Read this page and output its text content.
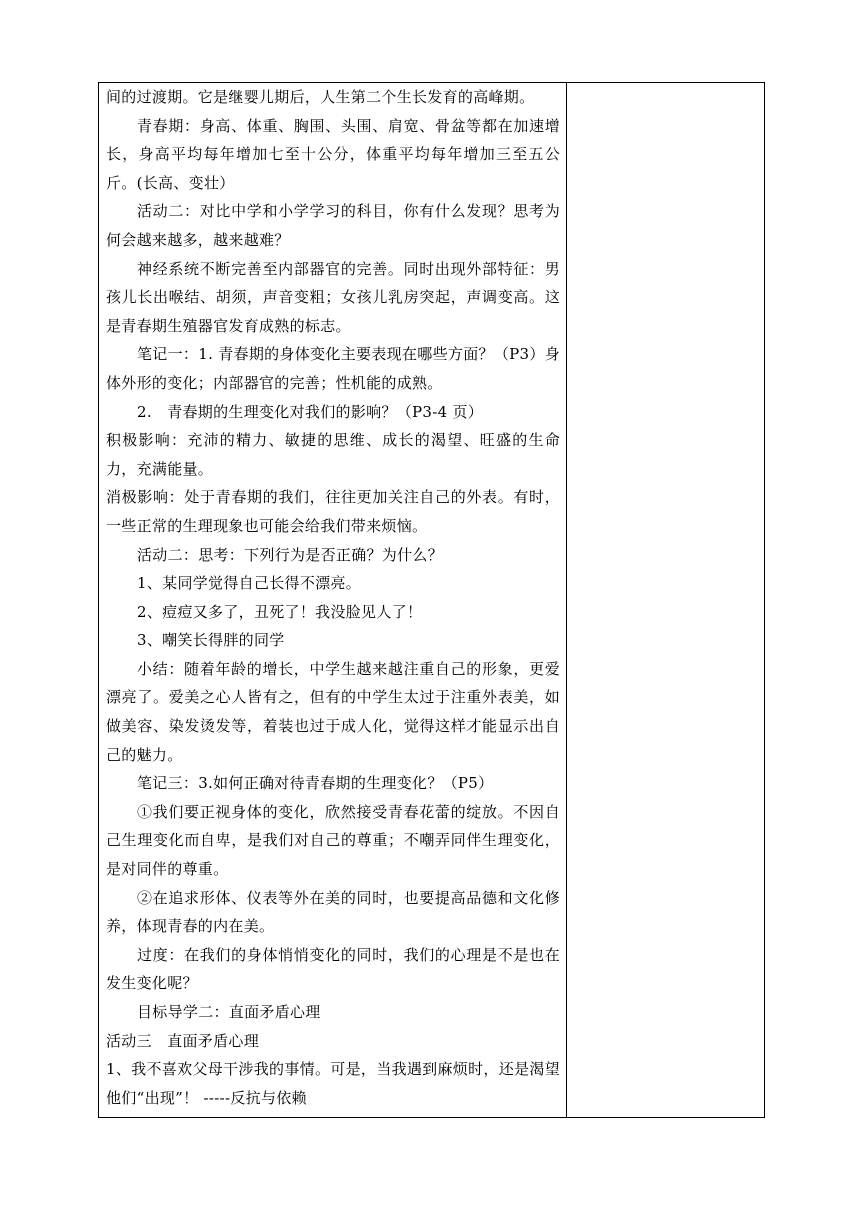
间的过渡期。它是继婴儿期后，人生第二个生长发育的高峰期。

青春期：身高、体重、胸围、头围、肩宽、骨盆等都在加速增长，身高平均每年增加七至十公分，体重平均每年增加三至五公斤。(长高、变壮）

活动二：对比中学和小学学习的科目，你有什么发现？思考为何会越来越多，越来越难？

神经系统不断完善至内部器官的完善。同时出现外部特征：男孩儿长出喉结、胡须，声音变粗；女孩儿乳房突起，声调变高。这是青春期生殖器官发育成熟的标志。

笔记一：1. 青春期的身体变化主要表现在哪些方面？（P3）身体外形的变化；内部器官的完善；性机能的成熟。

2.　青春期的生理变化对我们的影响？（P3-4 页）

积极影响：充沛的精力、敏捷的思维、成长的渴望、旺盛的生命力，充满能量。

消极影响：处于青春期的我们，往往更加关注自己的外表。有时，一些正常的生理现象也可能会给我们带来烦恼。

活动二：思考：下列行为是否正确？为什么？

1、某同学觉得自己长得不漂亮。

2、痘痘又多了，丑死了！我没脸见人了！

3、嘲笑长得胖的同学

小结：随着年龄的增长，中学生越来越注重自己的形象，更爱漂亮了。爱美之心人皆有之，但有的中学生太过于注重外表美，如做美容、染发烫发等，着装也过于成人化，觉得这样才能显示出自己的魅力。

笔记三：3.如何正确对待青春期的生理变化？（P5）

①我们要正视身体的变化，欣然接受青春花蕾的绽放。不因自己生理变化而自卑，是我们对自己的尊重；不嘲弄同伴生理变化，是对同伴的尊重。

②在追求形体、仪表等外在美的同时，也要提高品德和文化修养，体现青春的内在美。

过度：在我们的身体悄悄变化的同时，我们的心理是不是也在发生变化呢？

目标导学二：直面矛盾心理

活动三　直面矛盾心理

1、我不喜欢父母干涉我的事情。可是，当我遇到麻烦时，还是渴望他们“出现”！ -----反抗与依赖
